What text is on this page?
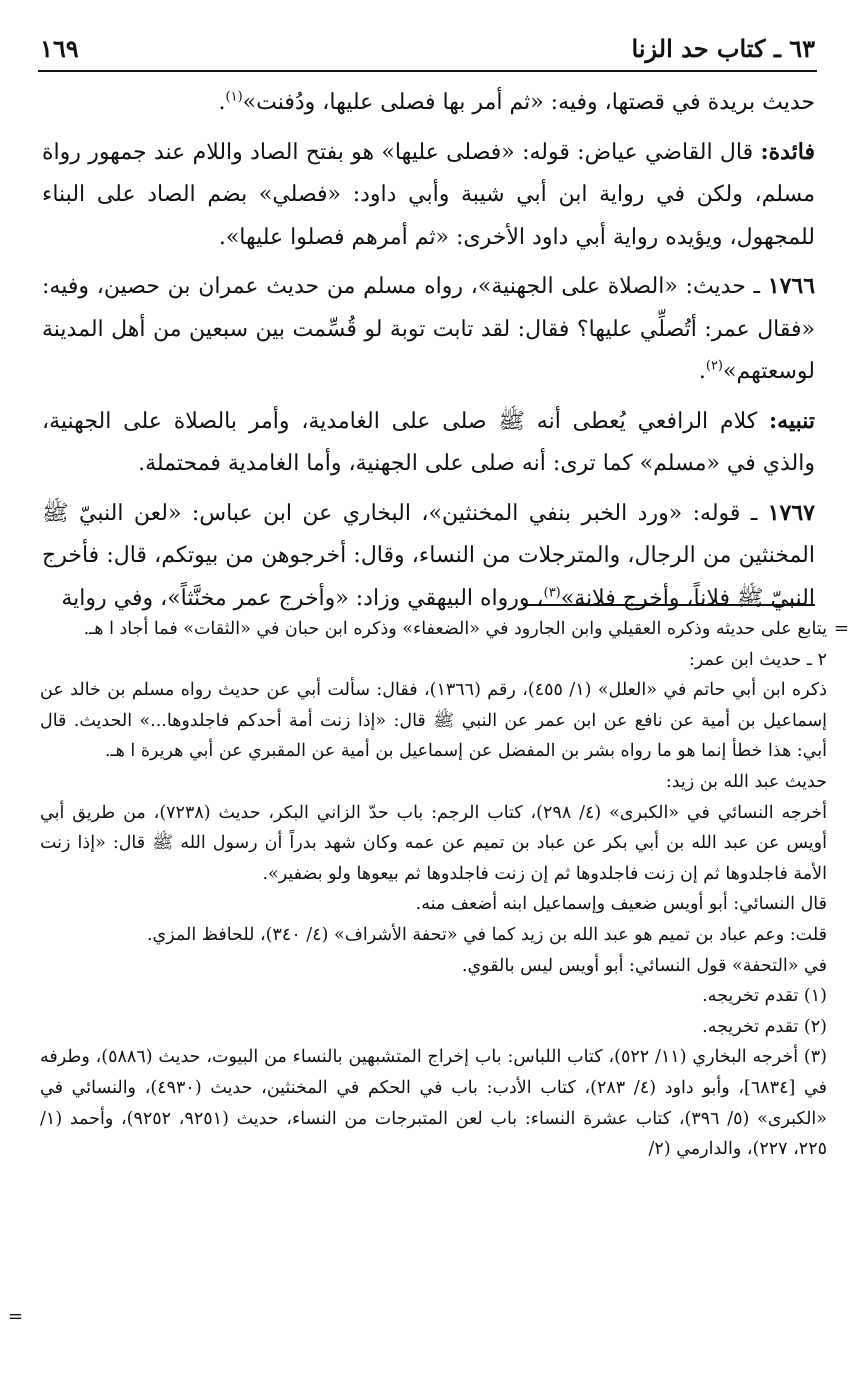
٦٣ ـ كتاب حد الزنا
١٦٩

حديث بريدة في قصتها، وفيه: «ثم أمر بها فصلى عليها، ودُفنت»$^{(١)}$.

فائدة: قال القاضي عياض: قوله: «فصلى عليها» هو بفتح الصاد واللام عند جمهور رواة مسلم، ولكن في رواية ابن أبي شيبة وأبي داود: «فصلي» بضم الصاد على البناء للمجهول، ويؤيده رواية أبي داود الأخرى: «ثم أمرهم فصلوا عليها».

١٧٦٦ ـ حديث: «الصلاة على الجهنية»، رواه مسلم من حديث عمران بن حصين، وفيه: «فقال عمر: أتُصلِّي عليها؟ فقال: لقد تابت توبة لو قُسِّمت بين سبعين من أهل المدينة لوسعتهم»$^{(٢)}$.

تنبيه: كلام الرافعي يُعطى أنه ﷺ صلى على الغامدية، وأمر بالصلاة على الجهنية، والذي في «مسلم» كما ترى: أنه صلى على الجهنية، وأما الغامدية فمحتملة.

١٧٦٧ ـ قوله: «ورد الخبر بنفي المخنثين»، البخاري عن ابن عباس: «لعن النبيّ ﷺ المخنثين من الرجال، والمترجلات من النساء، وقال: أخرجوهن من بيوتكم، قال: فأخرج النبيّ ﷺ فلاناً، وأخرج فلانة»$^{(٣)}$، ورواه البيهقي وزاد: «وأخرج عمر مخنَّثاً»، وفي رواية

=
=

يتابع على حديثه وذكره العقيلي وابن الجارود في «الضعفاء» وذكره ابن حبان في «الثقات» فما أجاد ا هـ.

٢ ـ حديث ابن عمر:

ذكره ابن أبي حاتم في «العلل» (١/ ٤٥٥)، رقم (١٣٦٦)، فقال: سألت أبي عن حديث رواه مسلم بن خالد عن إسماعيل بن أمية عن نافع عن ابن عمر عن النبي ﷺ قال: «إذا زنت أمة أحدكم فاجلدوها...» الحديث. قال أبي: هذا خطأ إنما هو ما رواه بشر بن المفضل عن إسماعيل بن أمية عن المقبري عن أبي هريرة ا هـ.

حديث عبد الله بن زيد:

أخرجه النسائي في «الكبرى» (٤/ ٢٩٨)، كتاب الرجم: باب حدّ الزاني البكر، حديث (٧٢٣٨)، من طريق أبي أويس عن عبد الله بن أبي بكر عن عباد بن تميم عن عمه وكان شهد بدراً أن رسول الله ﷺ قال: «إذا زنت الأمة فاجلدوها ثم إن زنت فاجلدوها ثم إن زنت فاجلدوها ثم بيعوها ولو بضفير».

قال النسائي: أبو أويس ضعيف وإسماعيل ابنه أضعف منه.

قلت: وعم عباد بن تميم هو عبد الله بن زيد كما في «تحفة الأشراف» (٤/ ٣٤٠)، للحافظ المزي.

في «التحفة» قول النسائي: أبو أويس ليس بالقوي.

(١) تقدم تخريجه.

(٢) تقدم تخريجه.

(٣) أخرجه البخاري (١١/ ٥٢٢)، كتاب اللباس: باب إخراج المتشبهين بالنساء من البيوت، حديث (٥٨٨٦)، وطرفه في [٦٨٣٤]، وأبو داود (٤/ ٢٨٣)، كتاب الأدب: باب في الحكم في المخنثين، حديث (٤٩٣٠)، والنسائي في «الكبرى» (٥/ ٣٩٦)، كتاب عشرة النساء: باب لعن المتبرجات من النساء، حديث (٩٢٥١، ٩٢٥٢)، وأحمد (١/ ٢٢٥، ٢٢٧)، والدارمي (٢/
